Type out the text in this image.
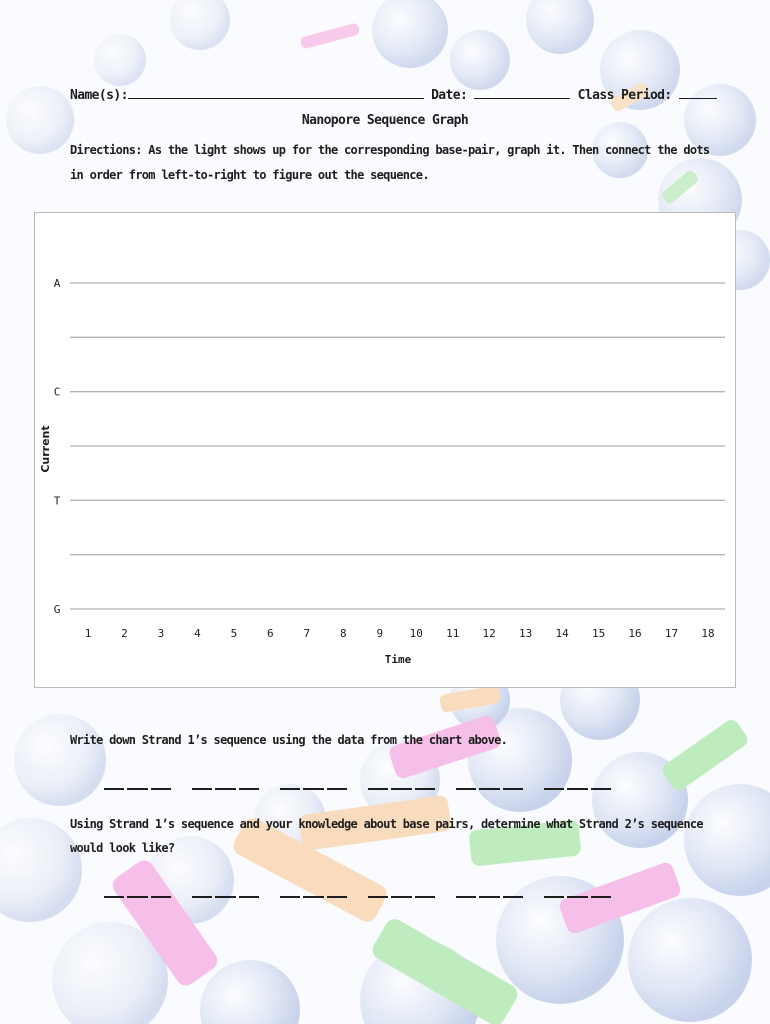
Name(s):	Date:	Class Period:
Nanopore Sequence Graph
Directions: As the light shows up for the corresponding base-pair, graph it. Then connect the dots in order from left-to-right to figure out the sequence.
A
C
T
G
1	2	3	4	5	6	7	8	9 10 11 12 13 14 15 16 17 18
Time
Current
Write down Strand 1’s sequence using the data from the chart above.
Using Strand 1’s sequence and your knowledge about base pairs, determine what Strand 2’s sequence would look like?
